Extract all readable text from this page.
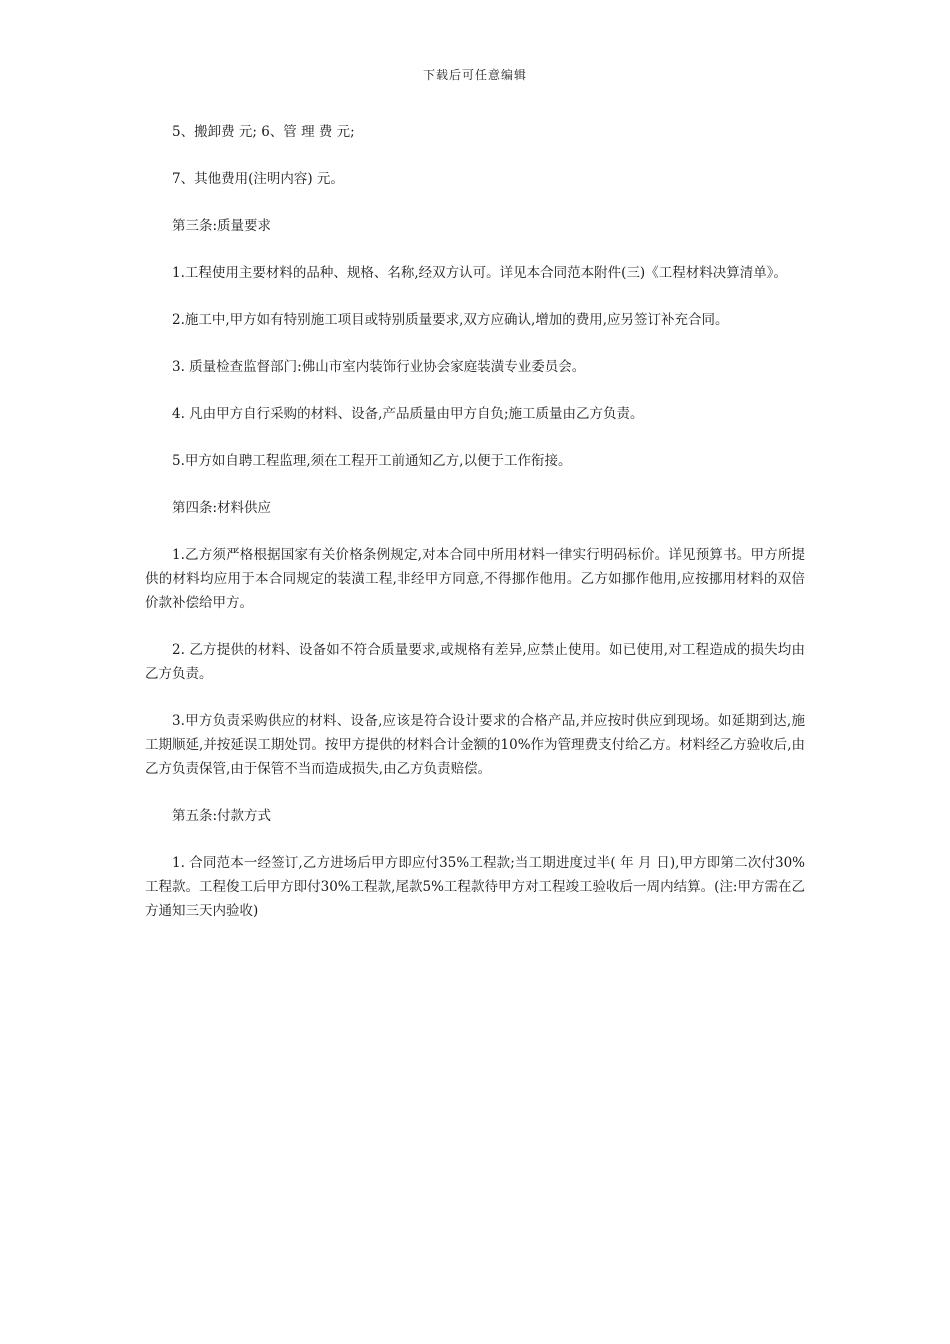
下载后可任意编辑

5、搬卸费 元; 6、管 理 费 元;

7、其他费用(注明内容) 元。

第三条:质量要求

1.工程使用主要材料的品种、规格、名称,经双方认可。详见本合同范本附件(三)《工程材料决算清单》。

2.施工中,甲方如有特别施工项目或特别质量要求,双方应确认,增加的费用,应另签订补充合同。

3. 质量检查监督部门:佛山市室内装饰行业协会家庭装潢专业委员会。

4. 凡由甲方自行采购的材料、设备,产品质量由甲方自负;施工质量由乙方负责。

5.甲方如自聘工程监理,须在工程开工前通知乙方,以便于工作衔接。

第四条:材料供应

1.乙方须严格根据国家有关价格条例规定,对本合同中所用材料一律实行明码标价。详见预算书。甲方所提供的材料均应用于本合同规定的装潢工程,非经甲方同意,不得挪作他用。乙方如挪作他用,应按挪用材料的双倍价款补偿给甲方。

2. 乙方提供的材料、设备如不符合质量要求,或规格有差异,应禁止使用。如已使用,对工程造成的损失均由乙方负责。

3.甲方负责采购供应的材料、设备,应该是符合设计要求的合格产品,并应按时供应到现场。如延期到达,施工期顺延,并按延误工期处罚。按甲方提供的材料合计金额的10%作为管理费支付给乙方。材料经乙方验收后,由乙方负责保管,由于保管不当而造成损失,由乙方负责赔偿。

第五条:付款方式

1. 合同范本一经签订,乙方进场后甲方即应付35%工程款;当工期进度过半( 年 月 日),甲方即第二次付30%工程款。工程俊工后甲方即付30%工程款,尾款5%工程款待甲方对工程竣工验收后一周内结算。(注:甲方需在乙方通知三天内验收)
